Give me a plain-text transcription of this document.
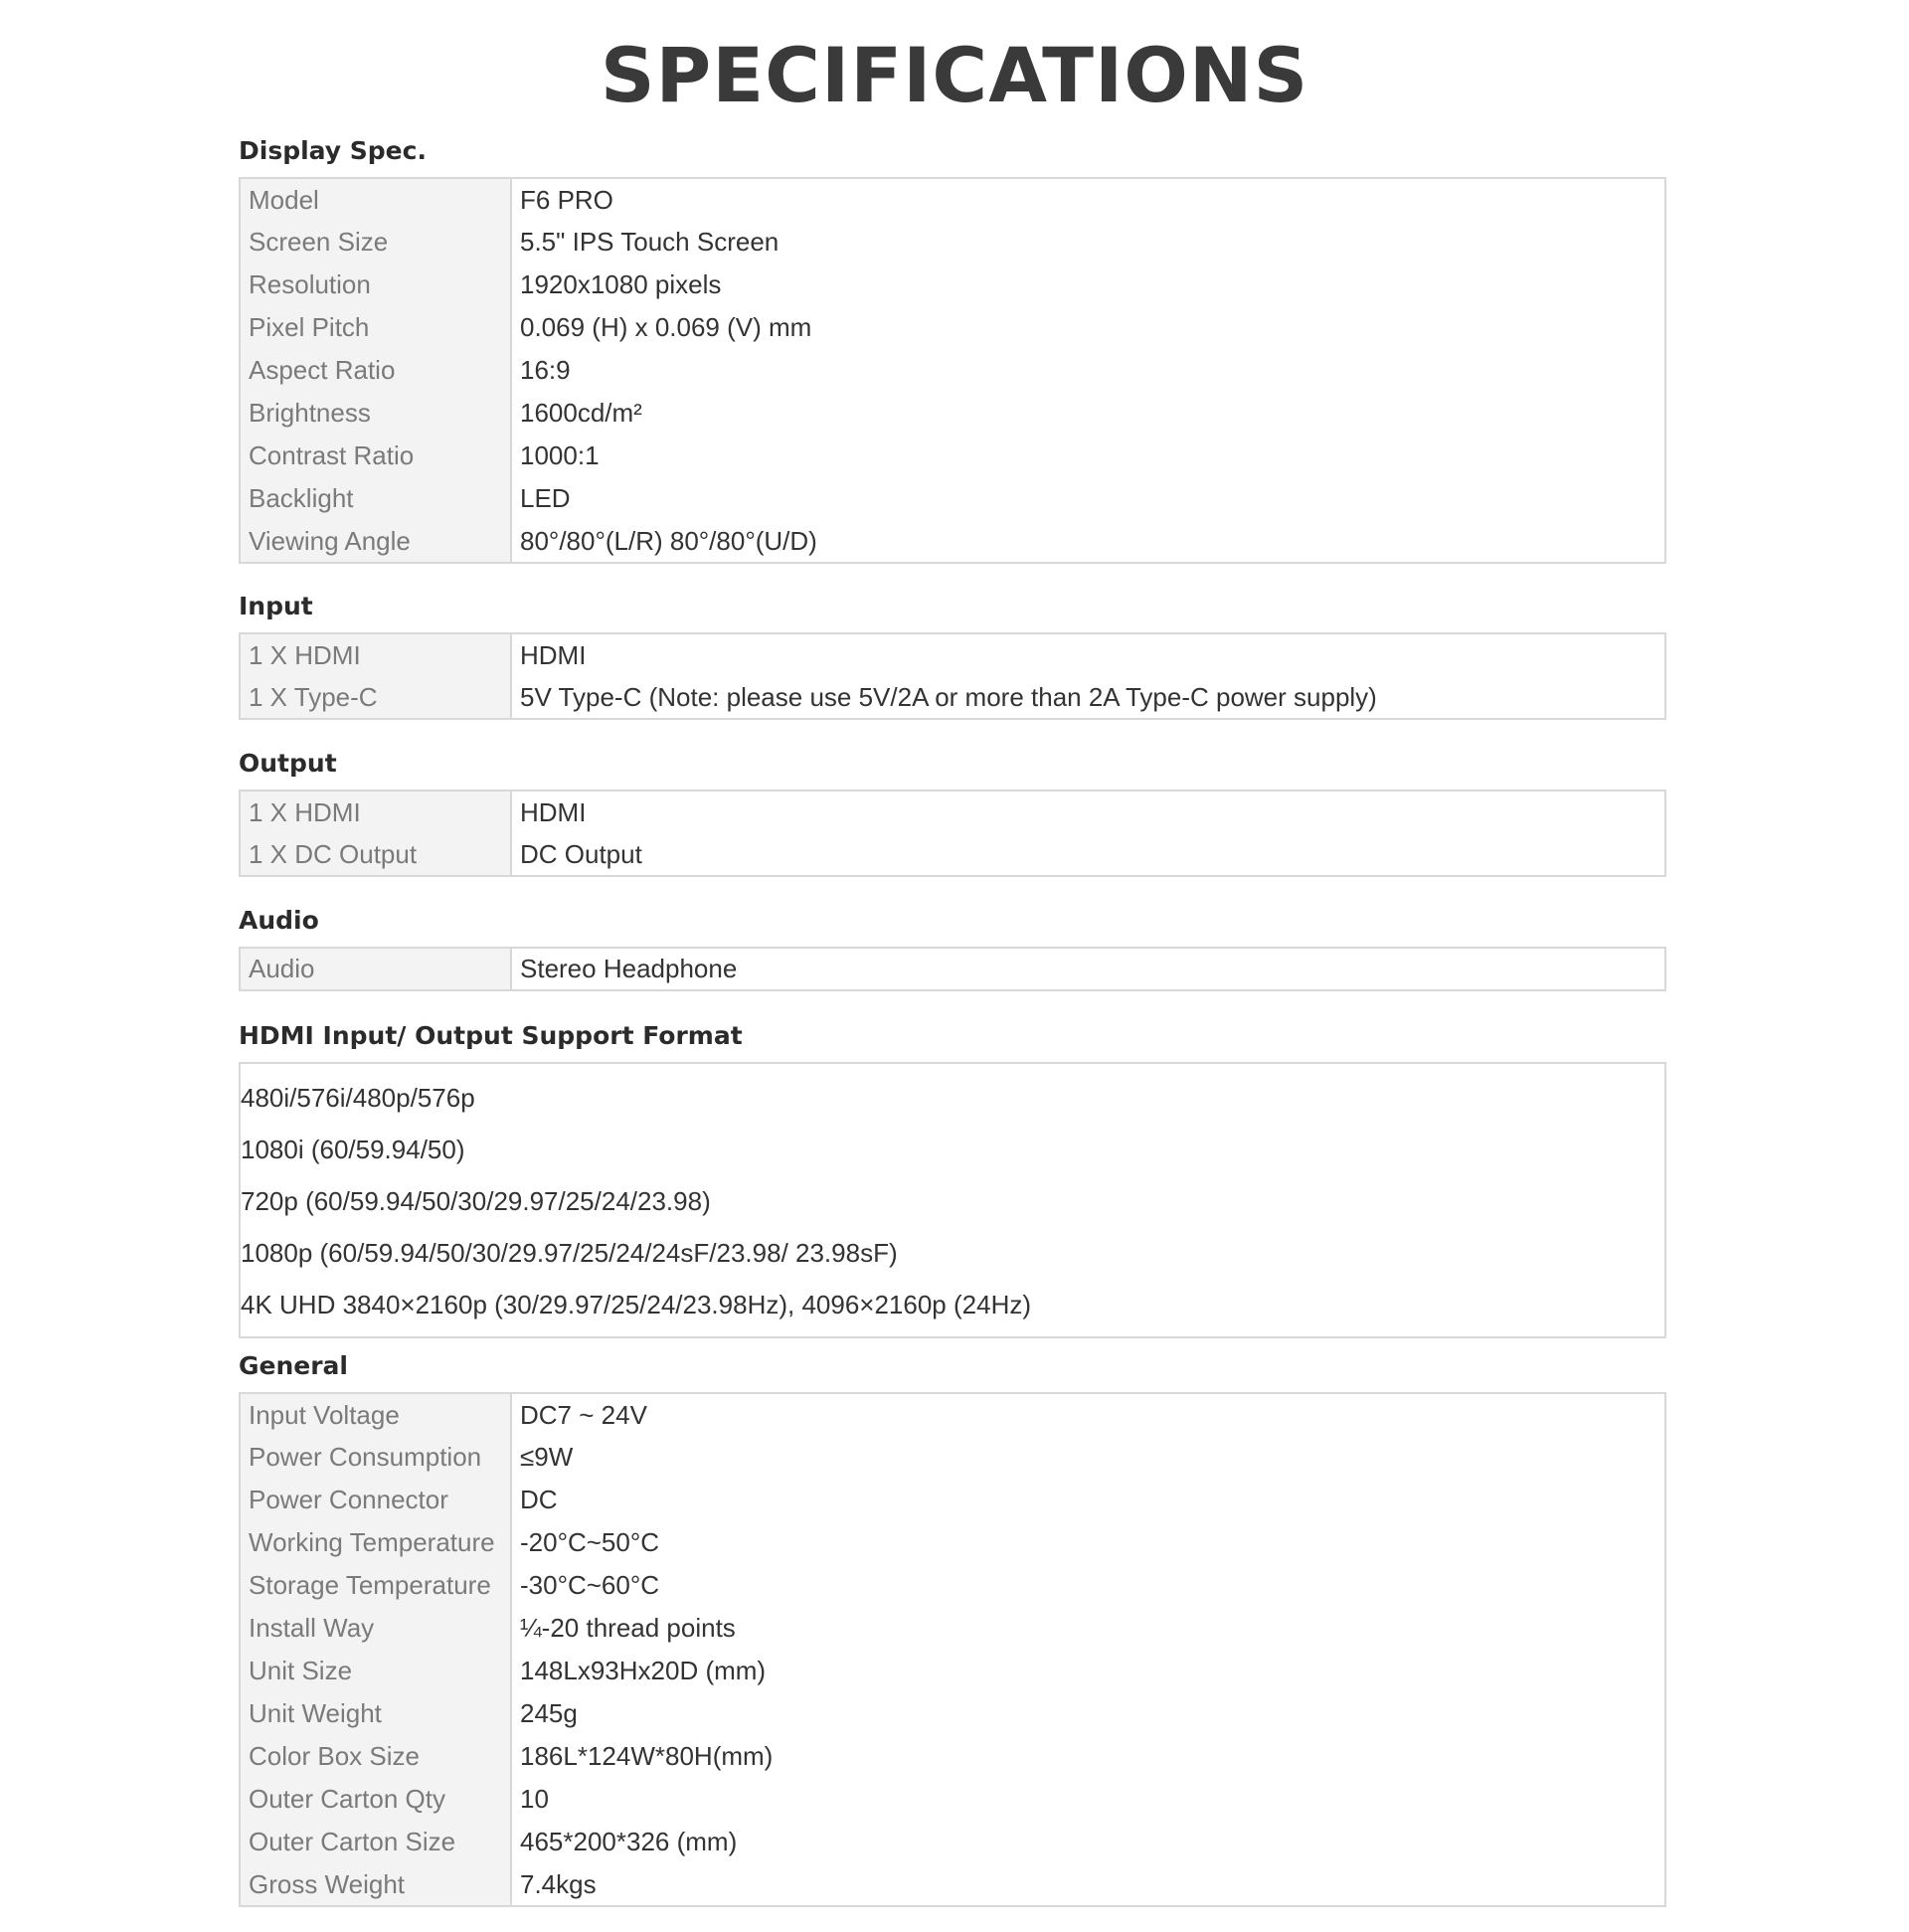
SPECIFICATIONS
Display Spec.
Model	F6 PRO
Screen Size	5.5" IPS Touch Screen
Resolution	1920x1080 pixels
Pixel Pitch	0.069 (H) x 0.069 (V) mm
Aspect Ratio	16:9
Brightness	1600cd/m²
Contrast Ratio	1000:1
Backlight	LED
Viewing Angle	80°/80°(L/R) 80°/80°(U/D)
Input
1 X HDMI	HDMI
1 X Type-C	5V Type-C (Note: please use 5V/2A or more than 2A Type-C power supply)
Output
1 X HDMI	HDMI
1 X DC Output	DC Output
Audio
Audio	Stereo Headphone
HDMI Input/ Output Support Format
480i/576i/480p/576p
1080i (60/59.94/50)
720p (60/59.94/50/30/29.97/25/24/23.98)
1080p (60/59.94/50/30/29.97/25/24/24sF/23.98/ 23.98sF)
4K UHD 3840×2160p (30/29.97/25/24/23.98Hz), 4096×2160p (24Hz)
General
Input Voltage	DC7 ~ 24V
Power Consumption	≤9W
Power Connector	DC
Working Temperature	-20°C~50°C
Storage Temperature	-30°C~60°C
Install Way	¼-20 thread points
Unit Size	148Lx93Hx20D (mm)
Unit Weight	245g
Color Box Size	186L*124W*80H(mm)
Outer Carton Qty	10
Outer Carton Size	465*200*326 (mm)
Gross Weight	7.4kgs
